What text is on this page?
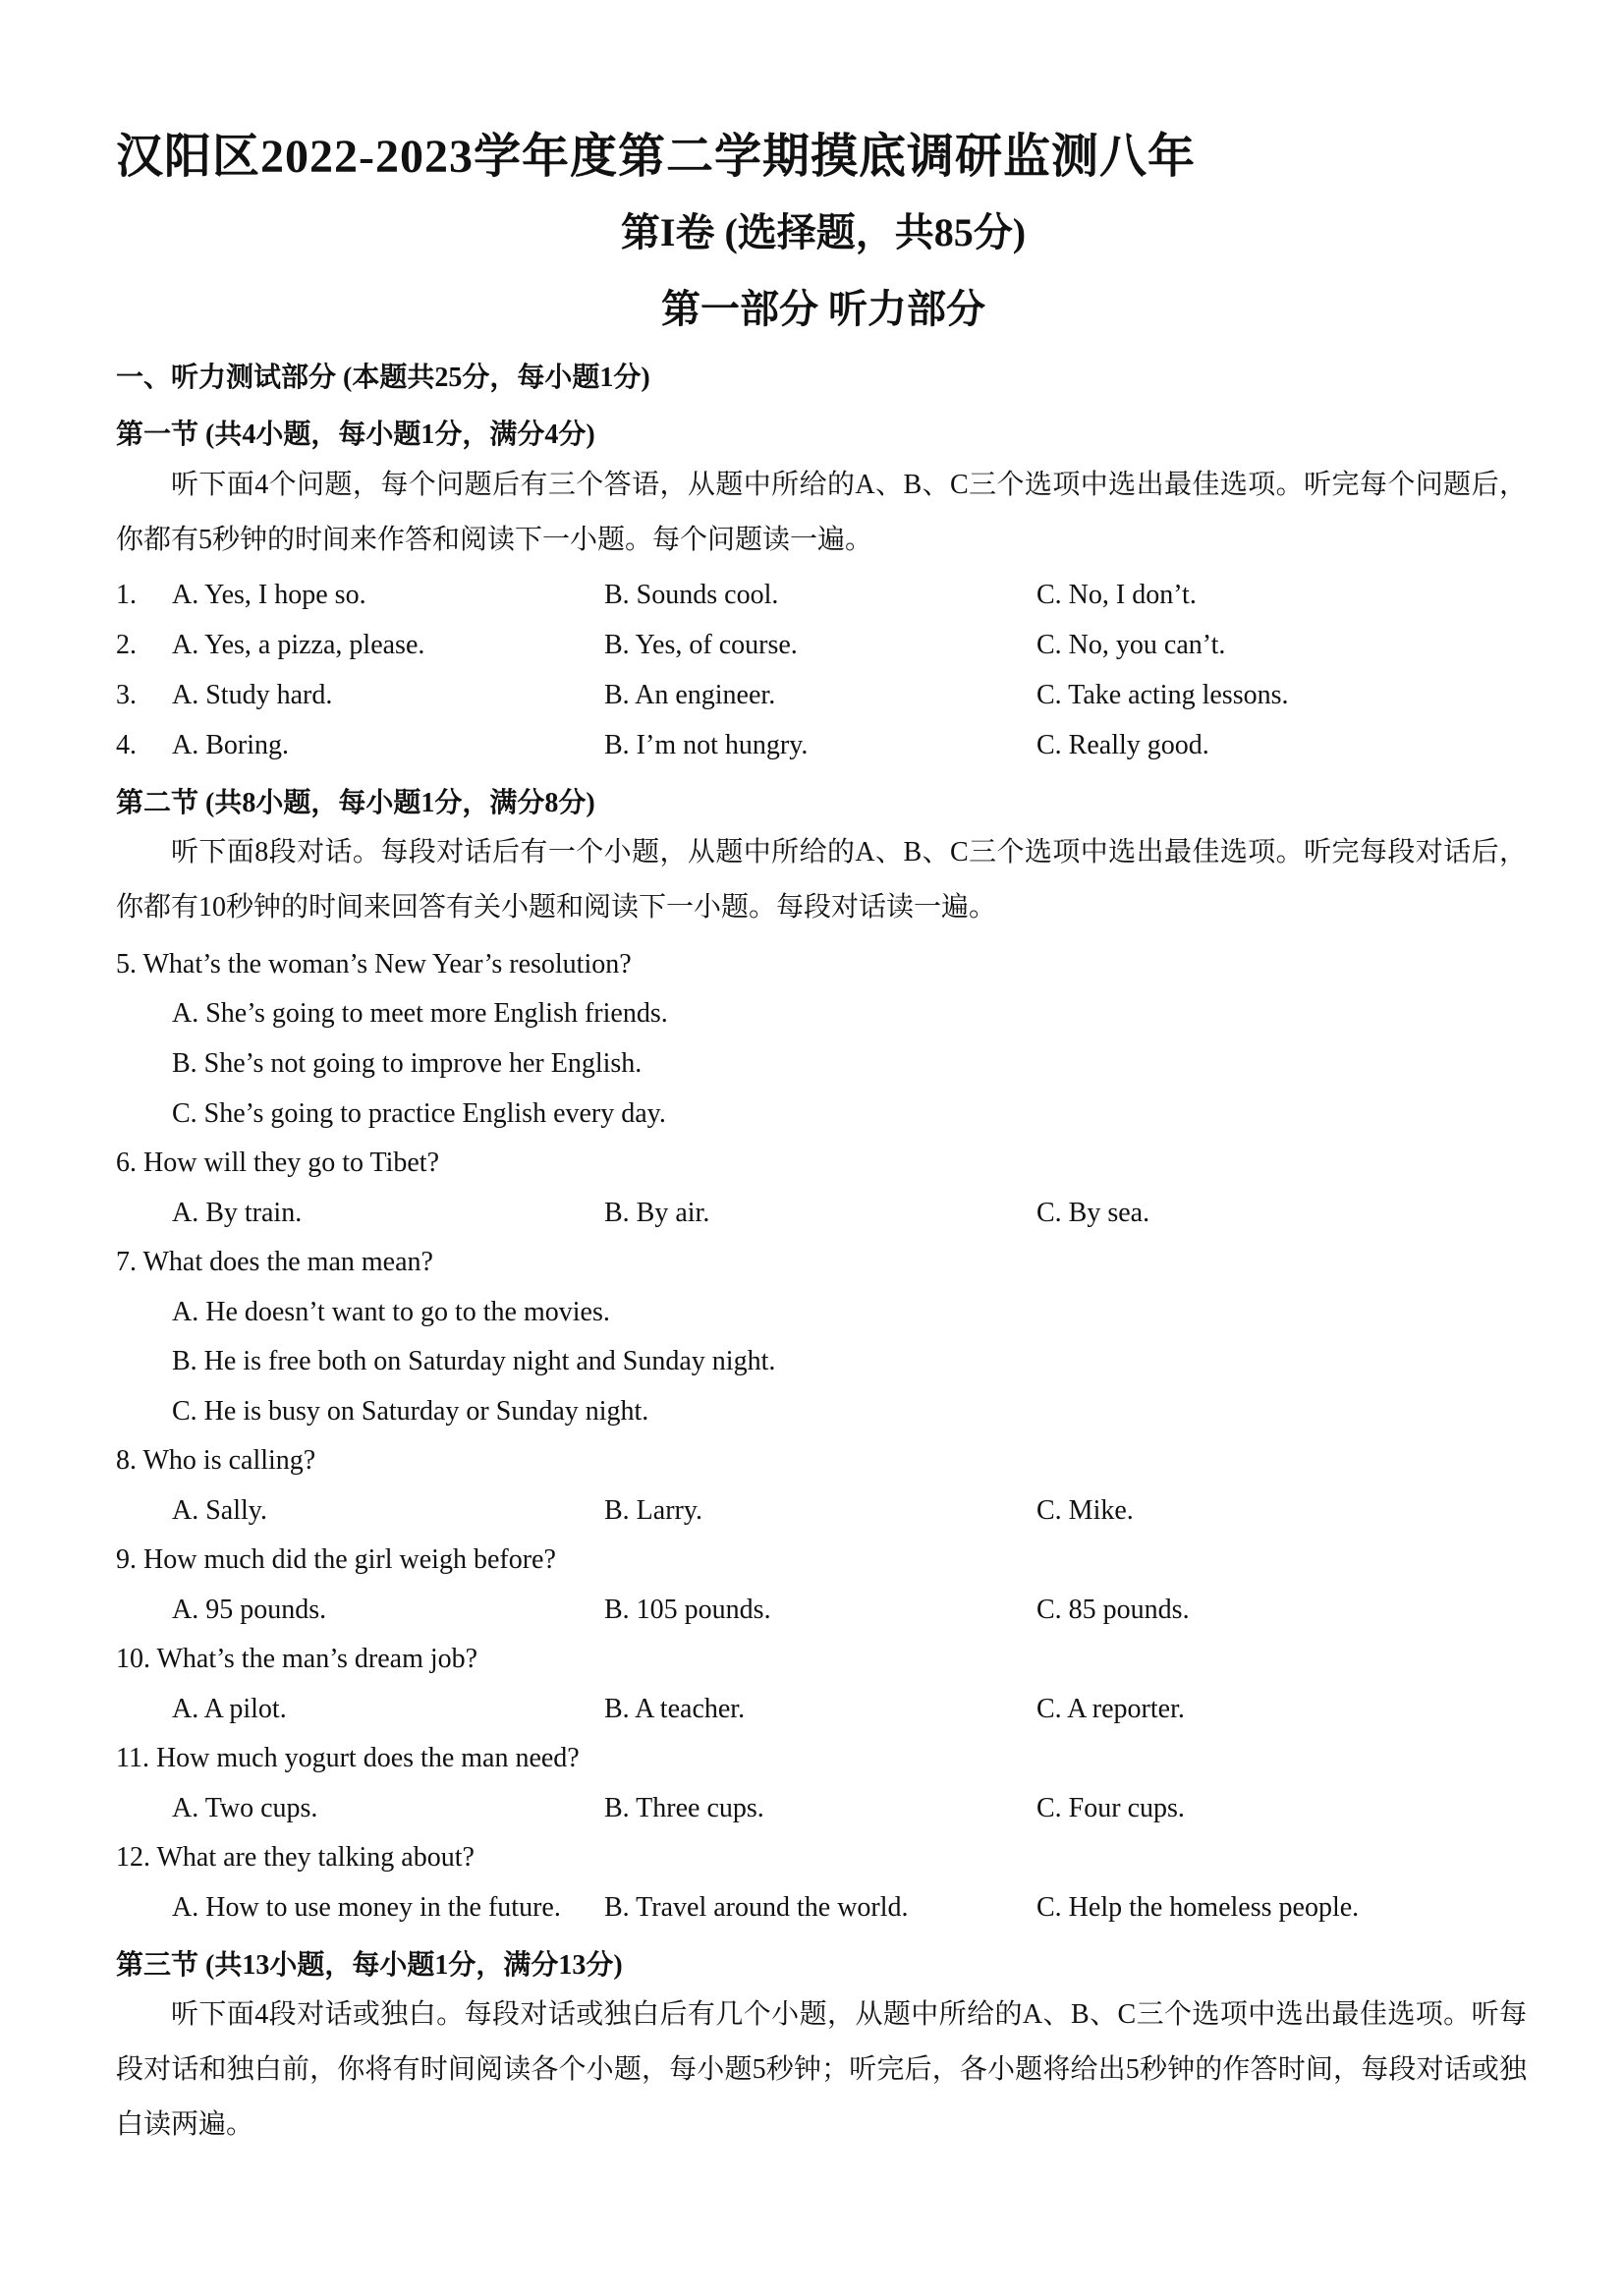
汉阳区2022-2023学年度第二学期摸底调研监测八年
第I卷 (选择题，共85分)
第一部分 听力部分
一、听力测试部分 (本题共25分，每小题1分)
第一节 (共4小题，每小题1分，满分4分)
听下面4个问题，每个问题后有三个答语，从题中所给的A、B、C三个选项中选出最佳选项。听完每个问题后，你都有5秒钟的时间来作答和阅读下一小题。每个问题读一遍。
1. A. Yes, I hope so.	B. Sounds cool.	C. No, I don’t.
2. A. Yes, a pizza, please.	B. Yes, of course.	C. No, you can’t.
3. A. Study hard.	B. An engineer.	C. Take acting lessons.
4. A. Boring.	B. I’m not hungry.	C. Really good.
第二节 (共8小题，每小题1分，满分8分)
听下面8段对话。每段对话后有一个小题，从题中所给的A、B、C三个选项中选出最佳选项。听完每段对话后，你都有10秒钟的时间来回答有关小题和阅读下一小题。每段对话读一遍。
5. What’s the woman’s New Year’s resolution?
A. She’s going to meet more English friends.
B. She’s not going to improve her English.
C. She’s going to practice English every day.
6. How will they go to Tibet?
A. By train.	B. By air.	C. By sea.
7. What does the man mean?
A. He doesn’t want to go to the movies.
B. He is free both on Saturday night and Sunday night.
C. He is busy on Saturday or Sunday night.
8. Who is calling?
A. Sally.	B. Larry.	C. Mike.
9. How much did the girl weigh before?
A. 95 pounds.	B. 105 pounds.	C. 85 pounds.
10. What’s the man’s dream job?
A. A pilot.	B. A teacher.	C. A reporter.
11. How much yogurt does the man need?
A. Two cups.	B. Three cups.	C. Four cups.
12. What are they talking about?
A. How to use money in the future. B. Travel around the world.	C. Help the homeless people.
第三节 (共13小题，每小题1分，满分13分)
听下面4段对话或独白。每段对话或独白后有几个小题，从题中所给的A、B、C三个选项中选出最佳选项。听每段对话和独白前，你将有时间阅读各个小题，每小题5秒钟；听完后，各小题将给出5秒钟的作答时间，每段对话或独白读两遍。
